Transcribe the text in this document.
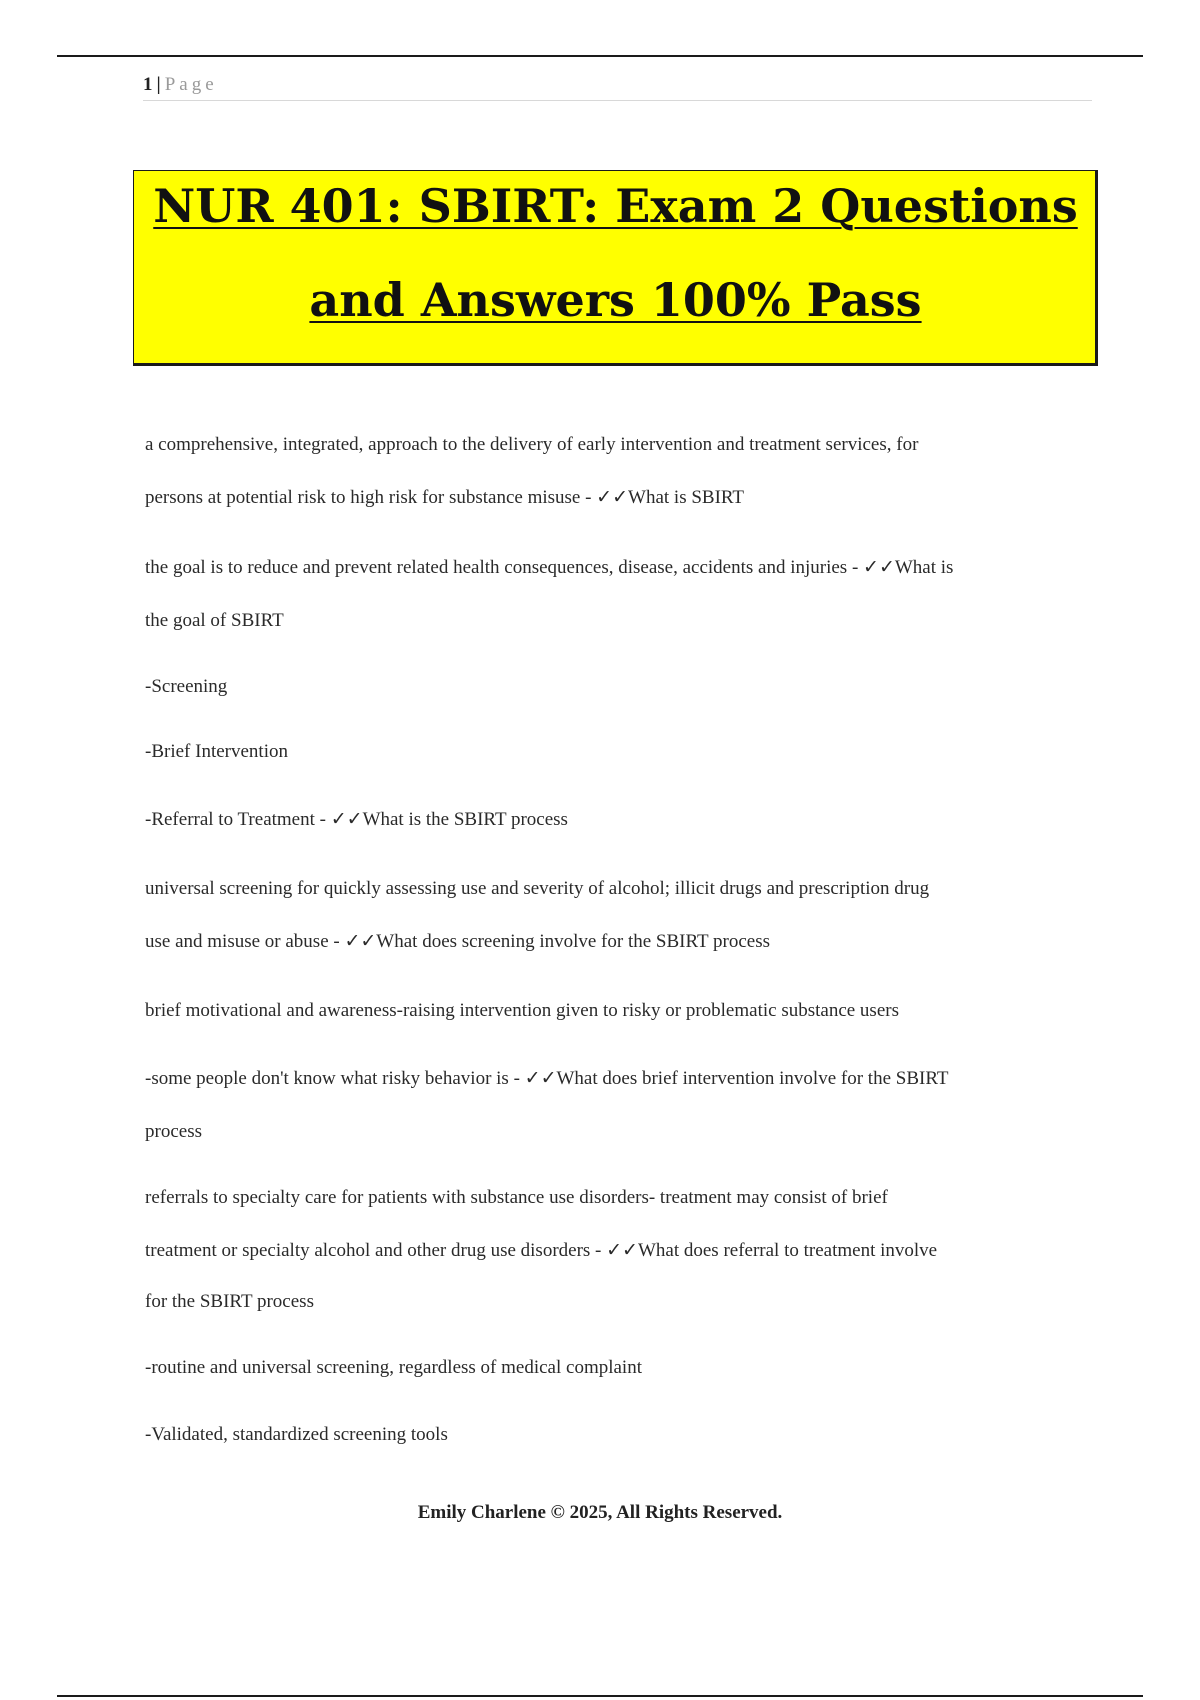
1 | Page
NUR 401: SBIRT: Exam 2 Questions
and Answers 100% Pass
a comprehensive, integrated, approach to the delivery of early intervention and treatment services, for
persons at potential risk to high risk for substance misuse - ✓✓What is SBIRT
the goal is to reduce and prevent related health consequences, disease, accidents and injuries - ✓✓What is
the goal of SBIRT
-Screening
-Brief Intervention
-Referral to Treatment - ✓✓What is the SBIRT process
universal screening for quickly assessing use and severity of alcohol; illicit drugs and prescription drug
use and misuse or abuse - ✓✓What does screening involve for the SBIRT process
brief motivational and awareness-raising intervention given to risky or problematic substance users
-some people don't know what risky behavior is - ✓✓What does brief intervention involve for the SBIRT
process
referrals to specialty care for patients with substance use disorders- treatment may consist of brief
treatment or specialty alcohol and other drug use disorders - ✓✓What does referral to treatment involve
for the SBIRT process
-routine and universal screening, regardless of medical complaint
-Validated, standardized screening tools
Emily Charlene © 2025, All Rights Reserved.
